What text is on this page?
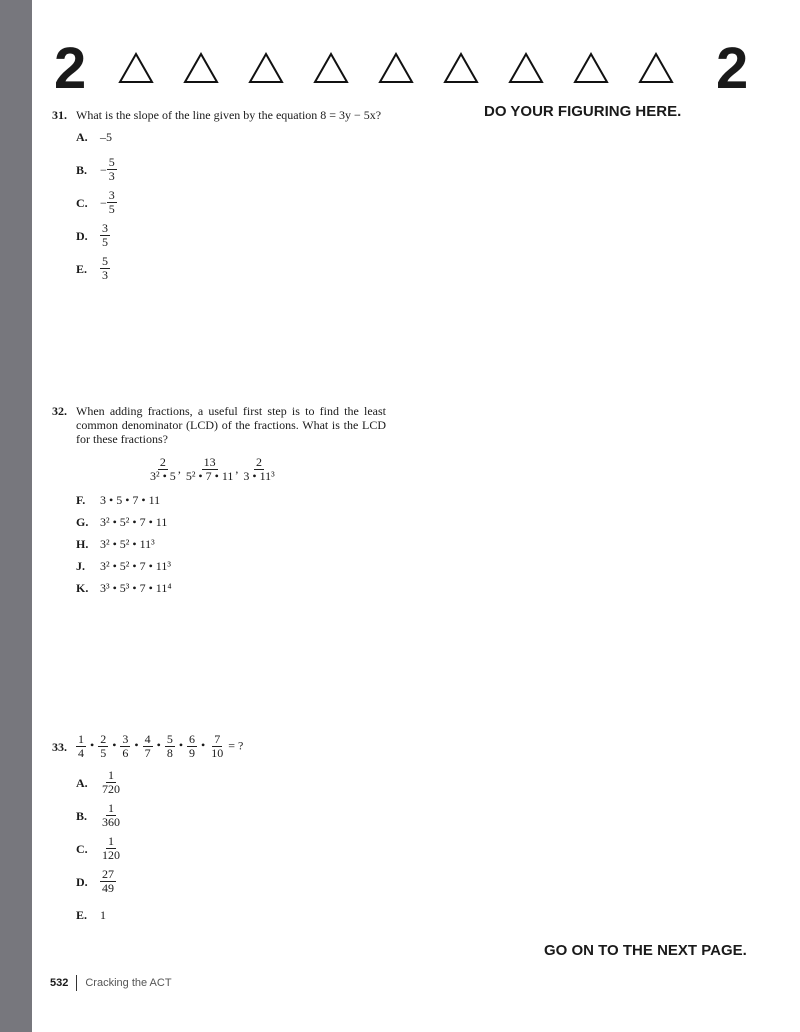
2	2
DO YOUR FIGURING HERE.
31. What is the slope of the line given by the equation 8 = 3y − 5x?
A.	–5
B.	− $\frac{5}{3}$
C.	− $\frac{3}{5}$
D.
3
5
E.
5
3
32. When adding fractions, a useful first step is to find the least common denominator (LCD) of the fractions. What is the LCD for these fractions?
$\frac{2}{\text{3² • 5}}$ , $\frac{13}{\text{5² • 7 • 11}}$ , $\frac{2}{\text{3 • 11³}}$
F.	3 • 5 • 7 • 11
G. 3² • 5² • 7 • 11
H. 3² • 5² • 11³
J.	3² • 5² • 7 • 11³
K. 3³ • 5³ • 7 • 11⁴
33. $\frac{1}{4}$ • $\frac{2}{5}$ • $\frac{3}{6}$ • $\frac{4}{7}$ • $\frac{5}{8}$ • $\frac{6}{9}$ • $\frac{7}{10}$ = ?
A.
1
720
B.
1
360
C.
1
120
D.
27
49
E.	1
GO ON TO THE NEXT PAGE.
532 Cracking the ACT
